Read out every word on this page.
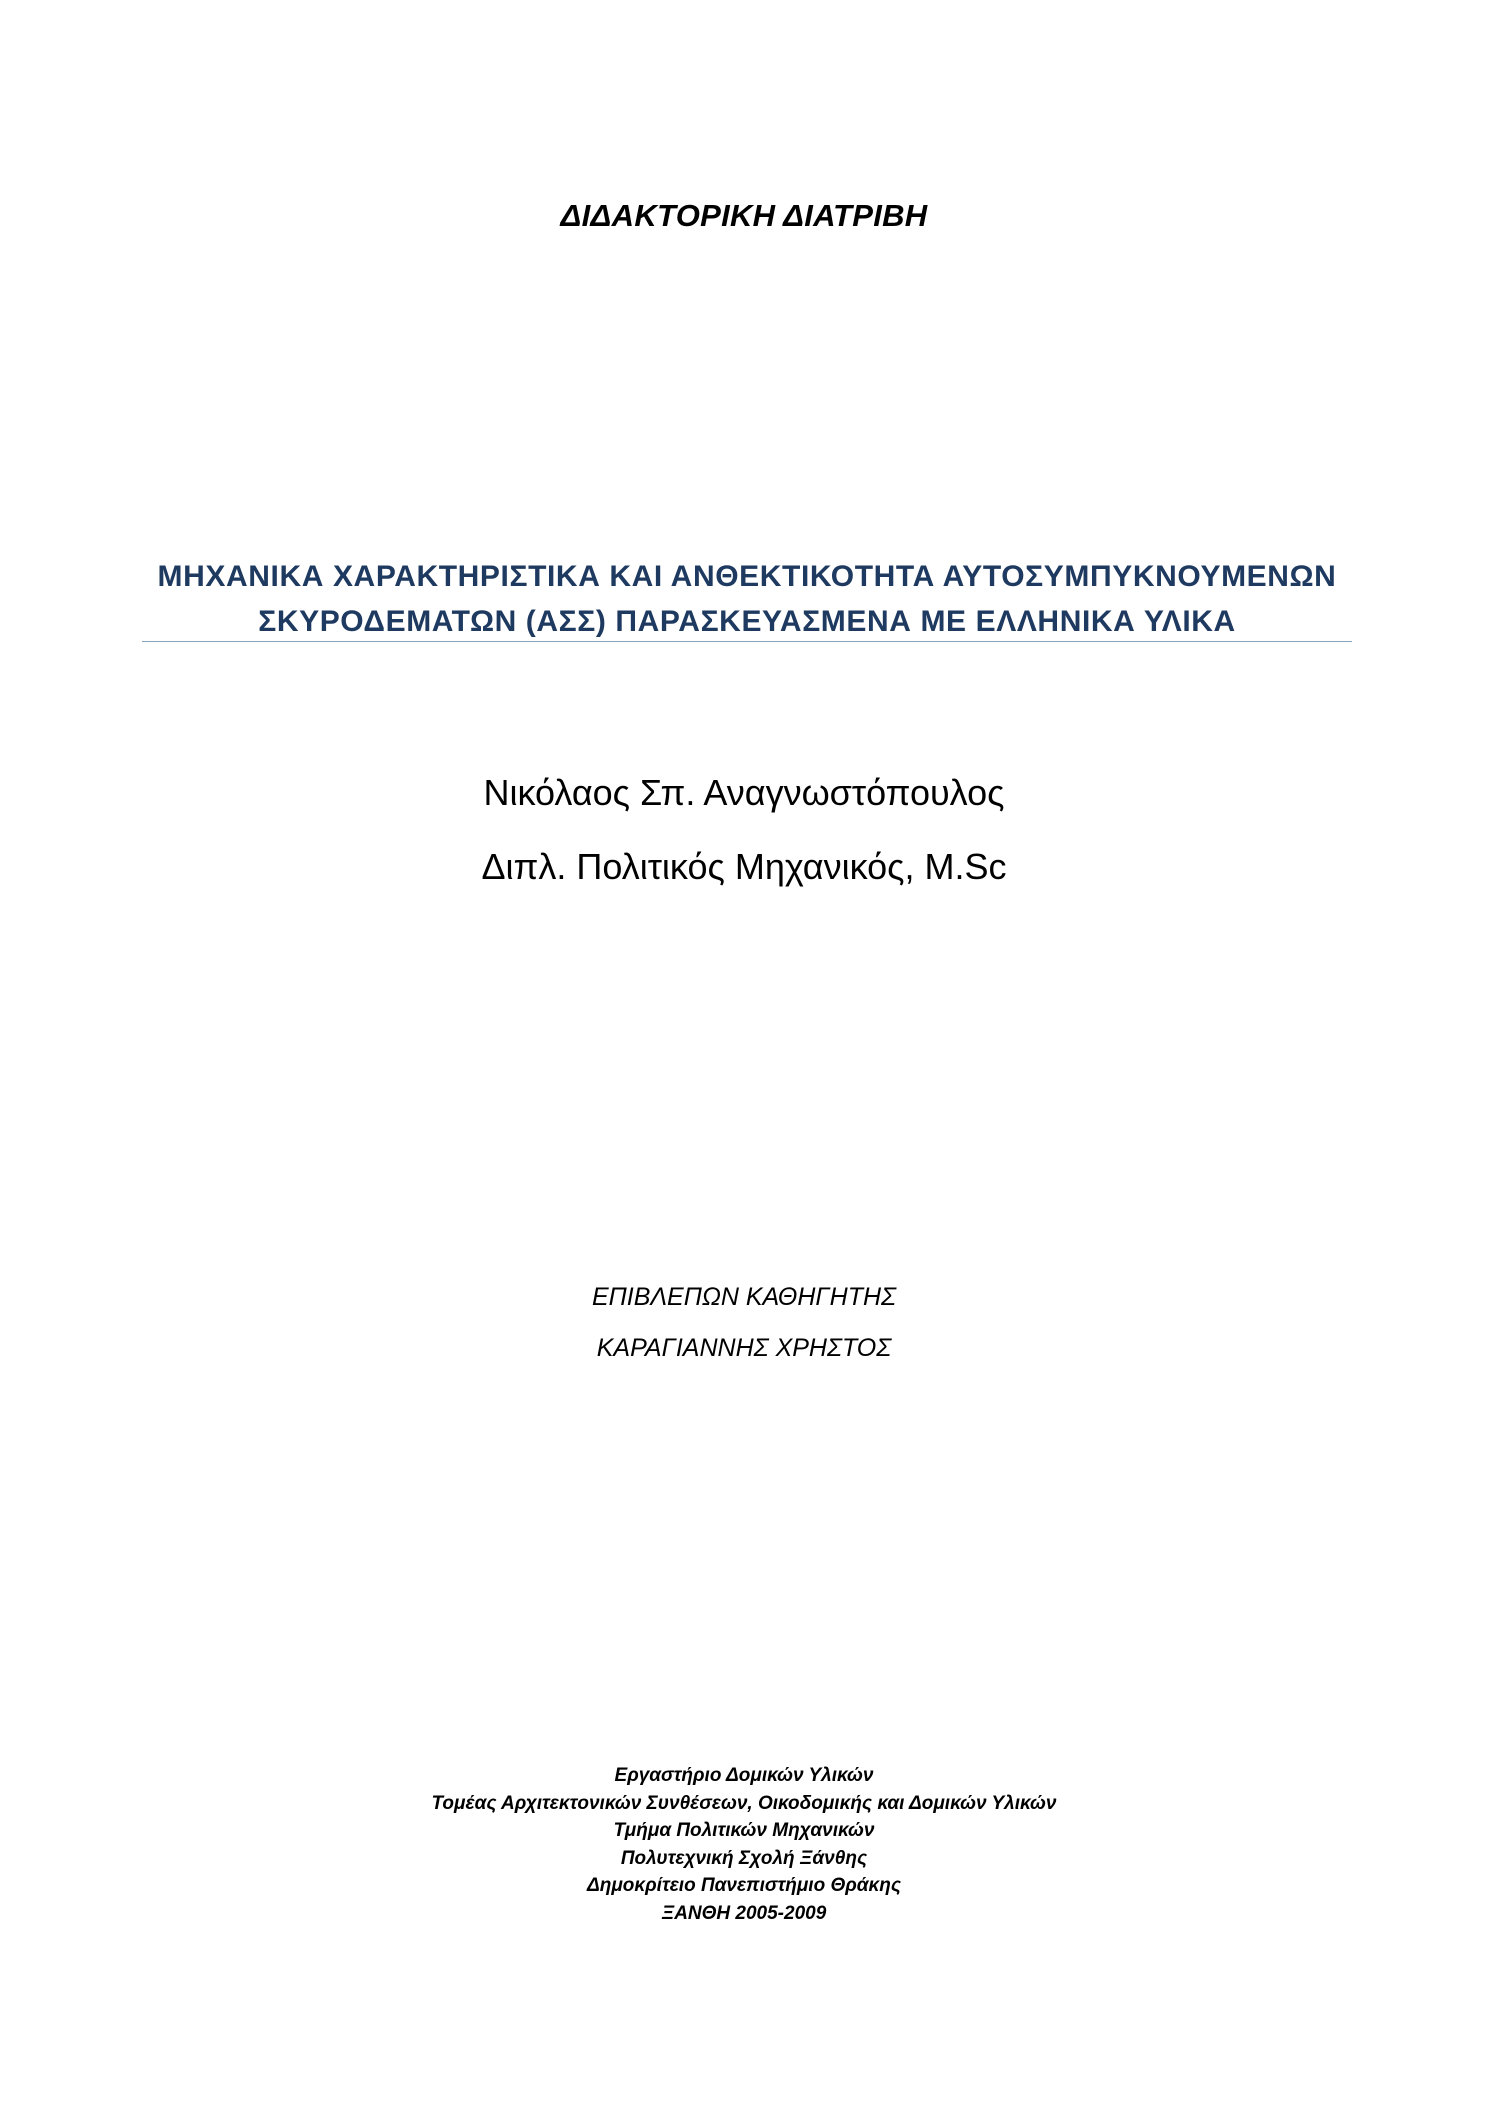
ΔΙΔΑΚΤΟΡΙΚΗ ΔΙΑΤΡΙΒΗ
ΜΗΧΑΝΙΚΑ ΧΑΡΑΚΤΗΡΙΣΤΙΚΑ ΚΑΙ ΑΝΘΕΚΤΙΚΟΤΗΤΑ ΑΥΤΟΣΥΜΠΥΚΝΟΥΜΕΝΩΝ
ΣΚΥΡΟΔΕΜΑΤΩΝ (ΑΣΣ) ΠΑΡΑΣΚΕΥΑΣΜΕΝΑ ΜΕ ΕΛΛΗΝΙΚΑ ΥΛΙΚΑ
Νικόλαος Σπ. Αναγνωστόπουλος
Διπλ. Πολιτικός Μηχανικός, M.Sc
ΕΠΙΒΛΕΠΩΝ ΚΑΘΗΓΗΤΗΣ
ΚΑΡΑΓΙΑΝΝΗΣ ΧΡΗΣΤΟΣ
Εργαστήριο Δομικών Υλικών
Τομέας Αρχιτεκτονικών Συνθέσεων, Οικοδομικής και Δομικών Υλικών
Τμήμα Πολιτικών Μηχανικών
Πολυτεχνική Σχολή Ξάνθης
Δημοκρίτειο Πανεπιστήμιο Θράκης
ΞΑΝΘΗ 2005-2009
